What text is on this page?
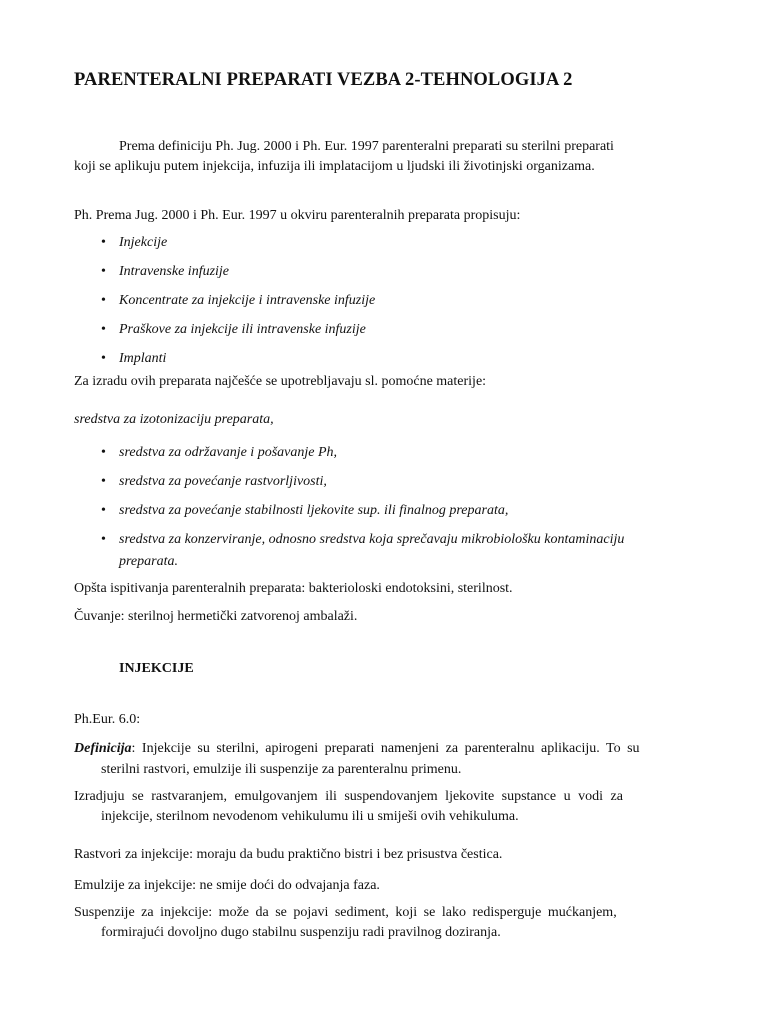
PARENTERALNI PREPARATI VEZBA 2-TEHNOLOGIJA 2

Prema definiciju Ph. Jug. 2000 i Ph. Eur. 1997 parenteralni preparati su sterilni preparati

koji se aplikuju putem injekcija, infuzija ili implatacijom u ljudski ili životinjski organizama.

Ph. Prema Jug. 2000 i Ph. Eur. 1997 u okviru parenteralnih preparata propisuju:

• Injekcije
• Intravenske infuzije
• Koncentrate za injekcije i intravenske infuzije
• Praškove za injekcije ili intravenske infuzije
• Implanti

Za izradu ovih preparata najčešće se upotrebljavaju sl. pomoćne materije:

sredstva za izotonizaciju preparata,

• sredstva za održavanje i pošavanje Ph,
• sredstva za povećanje rastvorljivosti,
• sredstva za povećanje stabilnosti ljekovite sup. ili finalnog preparata,
• sredstva za konzerviranje, odnosno sredstva koja sprečavaju mikrobiološku kontaminaciju
preparata.

Opšta ispitivanja parenteralnih preparata: bakterioloski endotoksini, sterilnost.

Čuvanje: sterilnoj hermetički zatvorenoj ambalaži.

INJEKCIJE

Ph.Eur. 6.0:

Definicija: Injekcije su sterilni, apirogeni preparati namenjeni za parenteralnu aplikaciju. To su

sterilni rastvori, emulzije ili suspenzije za parenteralnu primenu.

Izradjuju se rastvaranjem, emulgovanjem ili suspendovanjem ljekovite supstance u vodi za

injekcije, sterilnom nevodenom vehikulumu ili u smiješi ovih vehikuluma.

Rastvori za injekcije: moraju da budu praktično bistri i bez prisustva čestica.

Emulzije za injekcije: ne smije doći do odvajanja faza.

Suspenzije za injekcije: može da se pojavi sediment, koji se lako redisperguje mućkanjem,

formirajući dovoljno dugo stabilnu suspenziju radi pravilnog doziranja.
